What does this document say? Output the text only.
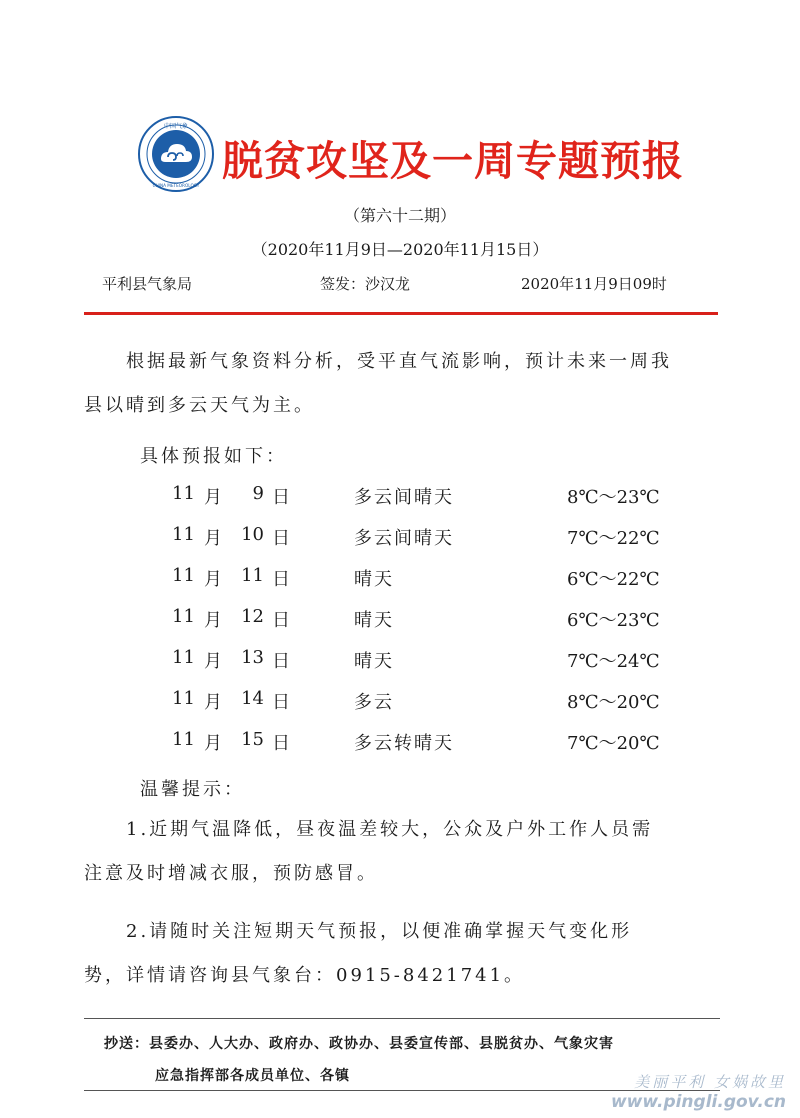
中国气象
CHINA METEOROLOGY
脱贫攻坚及一周专题预报
（第六十二期）
（2020年11月9日—2020年11月15日）
平利县气象局	签发：沙汉龙	2020年11月9日09时
根据最新气象资料分析，受平直气流影响，预计未来一周我
县以晴到多云天气为主。
具体预报如下：
11 月	9 日	多云间晴天	8℃～23℃
11 月	10 日	多云间晴天	7℃～22℃
11 月	11 日	晴天	6℃～22℃
11 月	12 日	晴天	6℃～23℃
11 月	13 日	晴天	7℃～24℃
11 月	14 日	多云	8℃～20℃
11 月	15 日	多云转晴天	7℃～20℃
温馨提示：
1.近期气温降低，昼夜温差较大，公众及户外工作人员需
注意及时增减衣服，预防感冒。
2.请随时关注短期天气预报，以便准确掌握天气变化形
势，详情请咨询县气象台：0915-8421741。
抄送：县委办、人大办、政府办、政协办、县委宣传部、县脱贫办、气象灾害
应急指挥部各成员单位、各镇	美丽平利 女娲故里
www.pingli.gov.cn
